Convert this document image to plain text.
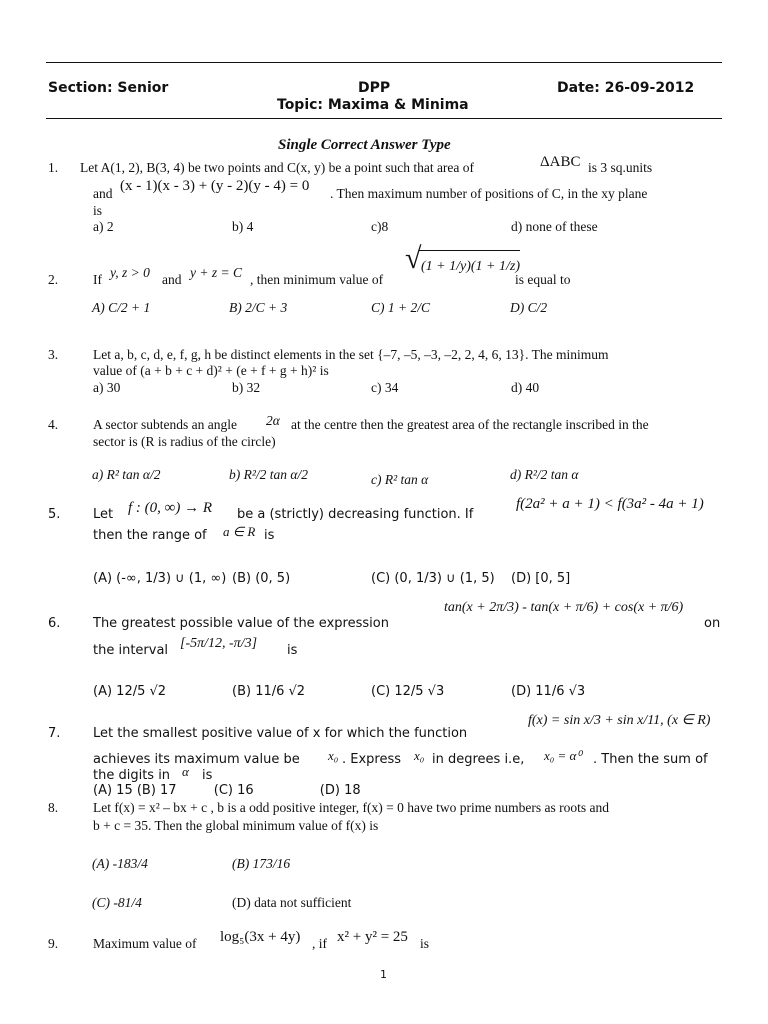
Section: Senior	DPP	Date: 26-09-2012
Topic: Maxima & Minima
Single Correct Answer Type
1. Let A(1, 2), B(3, 4) be two points and C(x, y) be a point such that area of	ΔABC is 3 sq.units
and (x - 1)(x - 3) + (y - 2)(y - 4) = 0 . Then maximum number of positions of C, in the xy plane
is
a) 2	b) 4	c)8	d) none of these
2.	If y, z > 0 and y + z = C , then minimum value of
√ (1 + 1/y)(1 + 1/z)
is equal to
A) C/2 + 1	B) 2/C + 3	C) 1 + 2/C	D) C/2
3.	Let a, b, c, d, e, f, g, h be distinct elements in the set {–7, –5, –3, –2, 2, 4, 6, 13}. The minimum
value of (a + b + c + d)² + (e + f + g + h)² is
a) 30	b) 32	c) 34	d) 40
4.	A sector subtends an angle 2α at the centre then the greatest area of the rectangle inscribed in the
sector is (R is radius of the circle)
a) R² tan α/2	b) R²/2 tan α/2	c) R² tan α	d) R²/2 tan α
5.	Let f : (0, ∞) → R be a (strictly) decreasing function. If
f(2a² + a + 1) < f(3a² - 4a + 1)
then the range of a ∈ R is
(A) (-∞, 1/3) ∪ (1, ∞) (B) (0, 5)	(C) (0, 1/3) ∪ (1, 5) (D) [0, 5]
6.	The greatest possible value of the expression
tan(x + 2π/3) - tan(x + π/6) + cos(x + π/6)
on
the interval [-5π/12, -π/3] is
(A) 12/5 √2	(B) 11/6 √2	(C) 12/5 √3	(D) 11/6 √3
7.	Let the smallest positive value of x for which the function
f(x) = sin x/3 + sin x/11, (x ∈ R)
achieves its maximum value be x₀ . Express x₀ in degrees i.e, x₀ = α⁰ . Then the sum of
the digits in α is
(A) 15 (B) 17         (C) 16                (D) 18
8.	Let f(x) = x² – bx + c , b is a odd positive integer, f(x) = 0 have two prime numbers as roots and
b + c = 35. Then the global minimum value of f(x) is
(A) -183/4	(B) 173/16
(C) -81/4	(D) data not sufficient
9.	Maximum value of log₅(3x + 4y) , if x² + y² = 25 is
1
